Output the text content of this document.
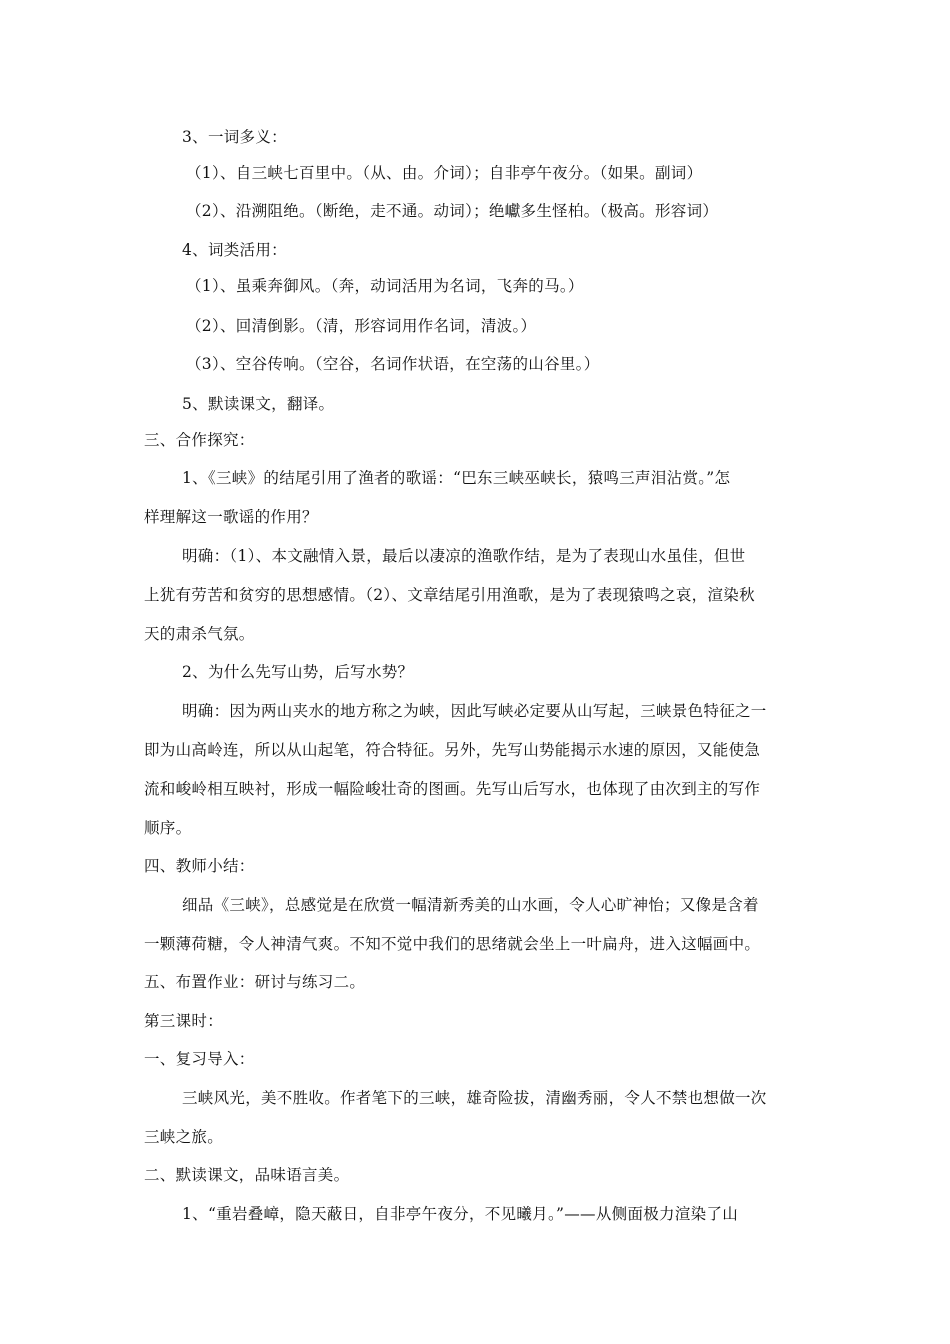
3、一词多义：
（1）、自三峡七百里中。（从、由。介词）；自非亭午夜分。（如果。副词）
（2）、沿溯阻绝。（断绝，走不通。动词）；绝巘多生怪柏。（极高。形容词）
4、词类活用：
（1）、虽乘奔御风。（奔，动词活用为名词，飞奔的马。）
（2）、回清倒影。（清，形容词用作名词，清波。）
（3）、空谷传响。（空谷，名词作状语，在空荡的山谷里。）
5、默读课文，翻译。
三、合作探究：
1、《三峡》的结尾引用了渔者的歌谣：“巴东三峡巫峡长，猿鸣三声泪沾赏。”怎
样理解这一歌谣的作用？
明确：（1）、本文融情入景，最后以凄凉的渔歌作结，是为了表现山水虽佳，但世
上犹有劳苦和贫穷的思想感情。（2）、文章结尾引用渔歌，是为了表现猿鸣之哀，渲染秋
天的肃杀气氛。
2、为什么先写山势，后写水势？
明确：因为两山夹水的地方称之为峡，因此写峡必定要从山写起，三峡景色特征之一
即为山高岭连，所以从山起笔，符合特征。另外，先写山势能揭示水速的原因，又能使急
流和峻岭相互映衬，形成一幅险峻壮奇的图画。先写山后写水，也体现了由次到主的写作
顺序。
四、教师小结：
细品《三峡》，总感觉是在欣赏一幅清新秀美的山水画，令人心旷神怡；又像是含着
一颗薄荷糖，令人神清气爽。不知不觉中我们的思绪就会坐上一叶扁舟，进入这幅画中。
五、布置作业：研讨与练习二。
第三课时：
一、复习导入：
三峡风光，美不胜收。作者笔下的三峡，雄奇险拔，清幽秀丽，令人不禁也想做一次
三峡之旅。
二、默读课文，品味语言美。
1、“重岩叠嶂，隐天蔽日，自非亭午夜分，不见曦月。”——从侧面极力渲染了山
